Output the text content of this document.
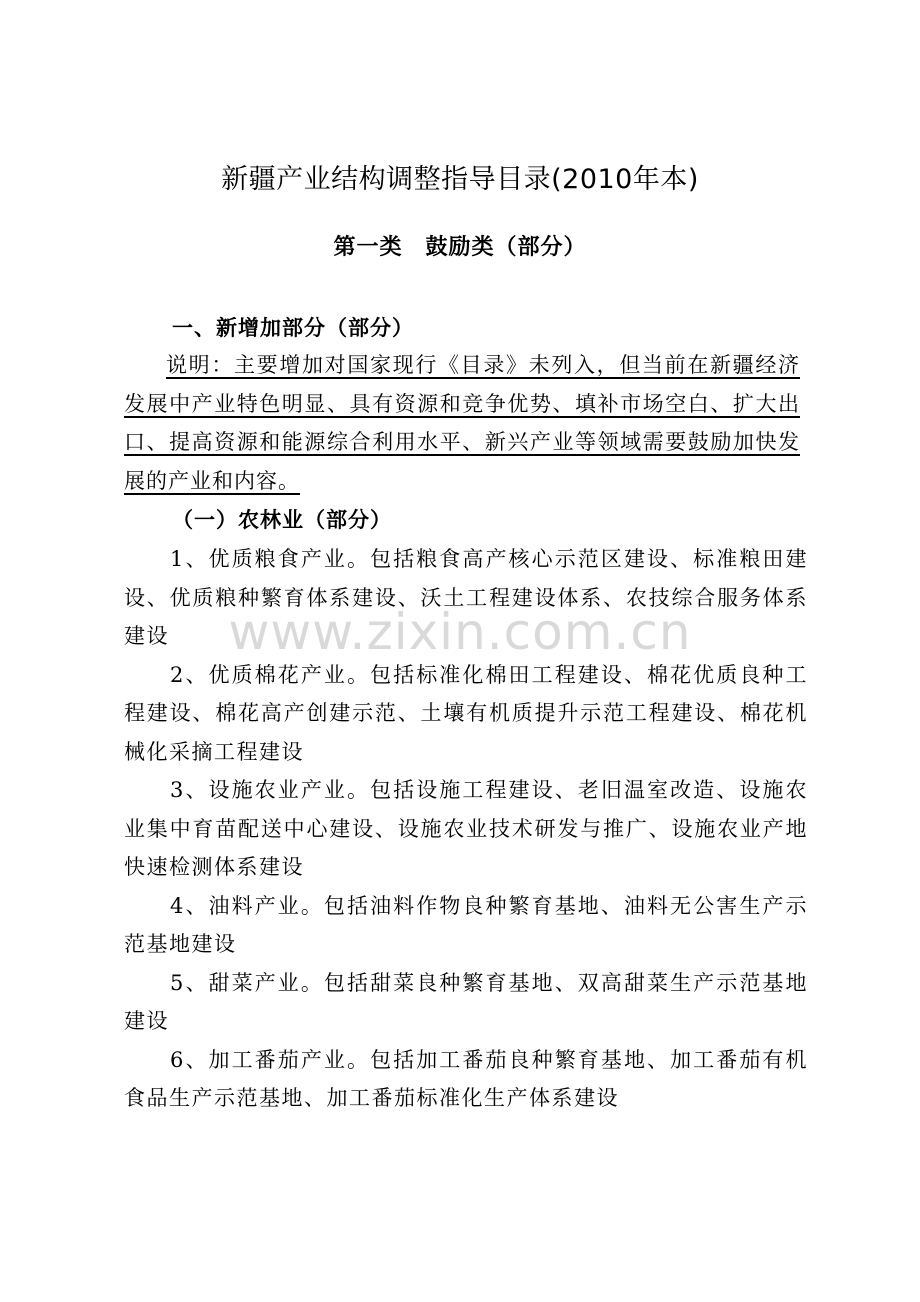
新疆产业结构调整指导目录(2010年本)
第一类　鼓励类（部分）
一、新增加部分（部分）
说明：主要增加对国家现行《目录》未列入，但当前在新疆经济发展中产业特色明显、具有资源和竞争优势、填补市场空白、扩大出口、提高资源和能源综合利用水平、新兴产业等领域需要鼓励加快发展的产业和内容。
（一）农林业（部分）

1、优质粮食产业。包括粮食高产核心示范区建设、标准粮田建设、优质粮种繁育体系建设、沃土工程建设体系、农技综合服务体系建设

2、优质棉花产业。包括标准化棉田工程建设、棉花优质良种工程建设、棉花高产创建示范、土壤有机质提升示范工程建设、棉花机械化采摘工程建设

3、设施农业产业。包括设施工程建设、老旧温室改造、设施农业集中育苗配送中心建设、设施农业技术研发与推广、设施农业产地快速检测体系建设

4、油料产业。包括油料作物良种繁育基地、油料无公害生产示范基地建设

5、甜菜产业。包括甜菜良种繁育基地、双高甜菜生产示范基地建设

6、加工番茄产业。包括加工番茄良种繁育基地、加工番茄有机食品生产示范基地、加工番茄标准化生产体系建设

www.zixin.com.cn
